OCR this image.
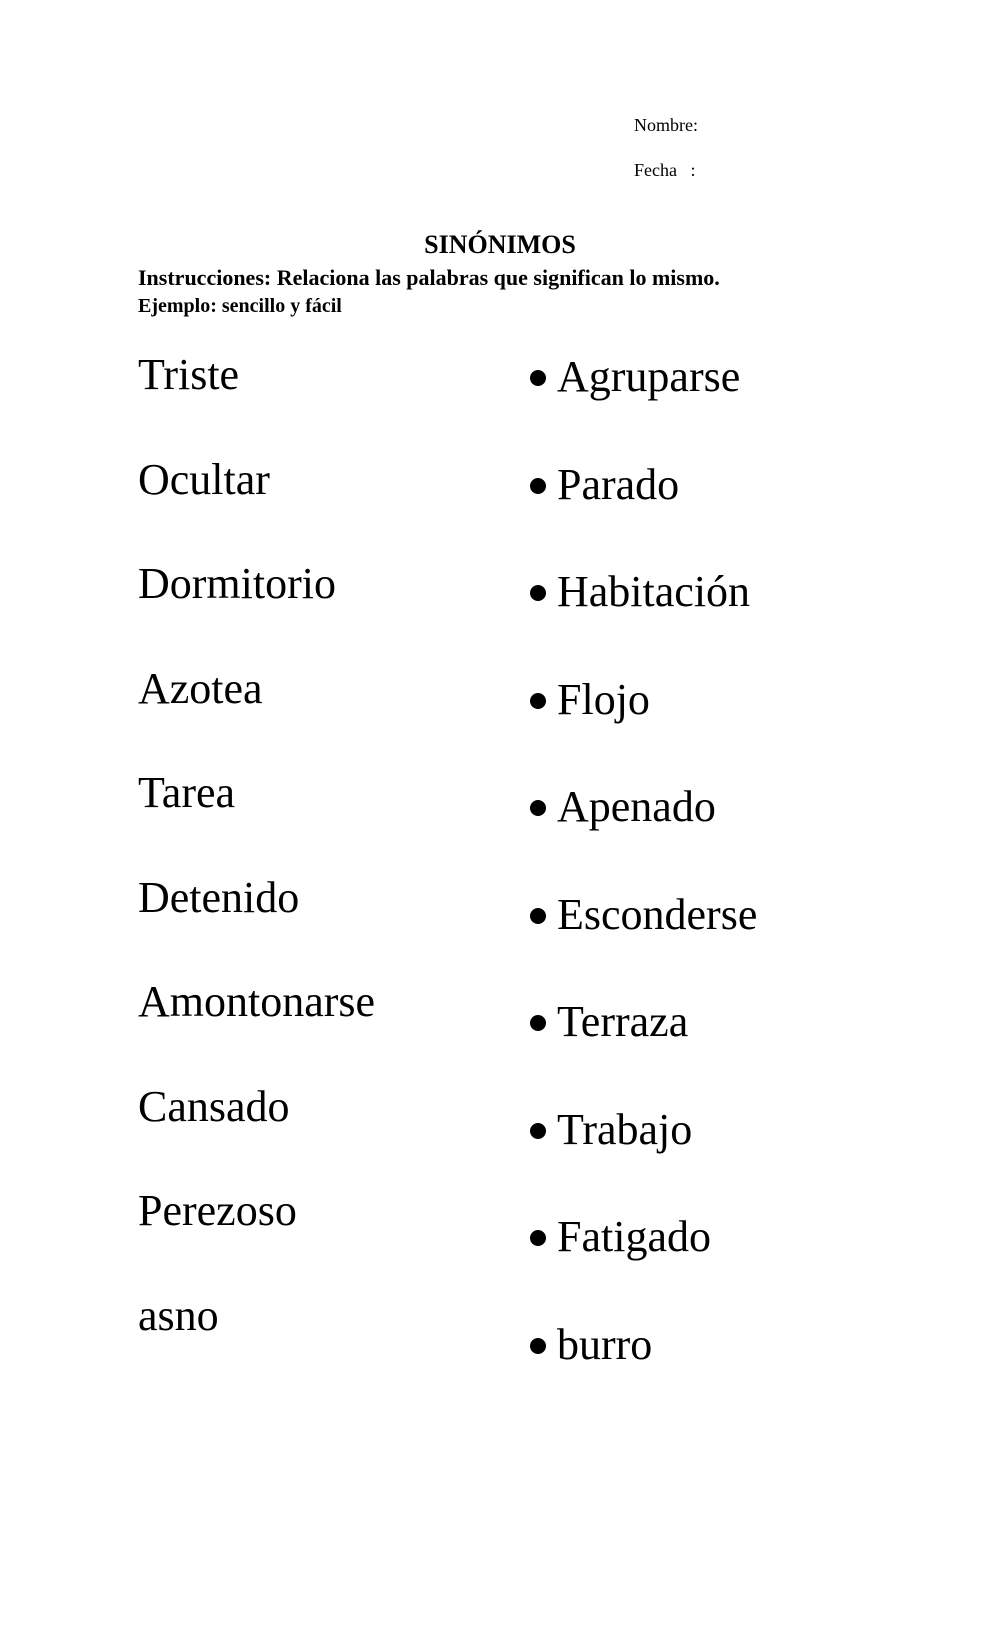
Nombre:
Fecha   :
SINÓNIMOS
Instrucciones: Relaciona las palabras que significan lo mismo.
Ejemplo: sencillo y fácil
Triste
Ocultar
Dormitorio
Azotea
Tarea
Detenido
Amontonarse
Cansado
Perezoso
asno
Agruparse
Parado
Habitación
Flojo
Apenado
Esconderse
Terraza
Trabajo
Fatigado
burro
